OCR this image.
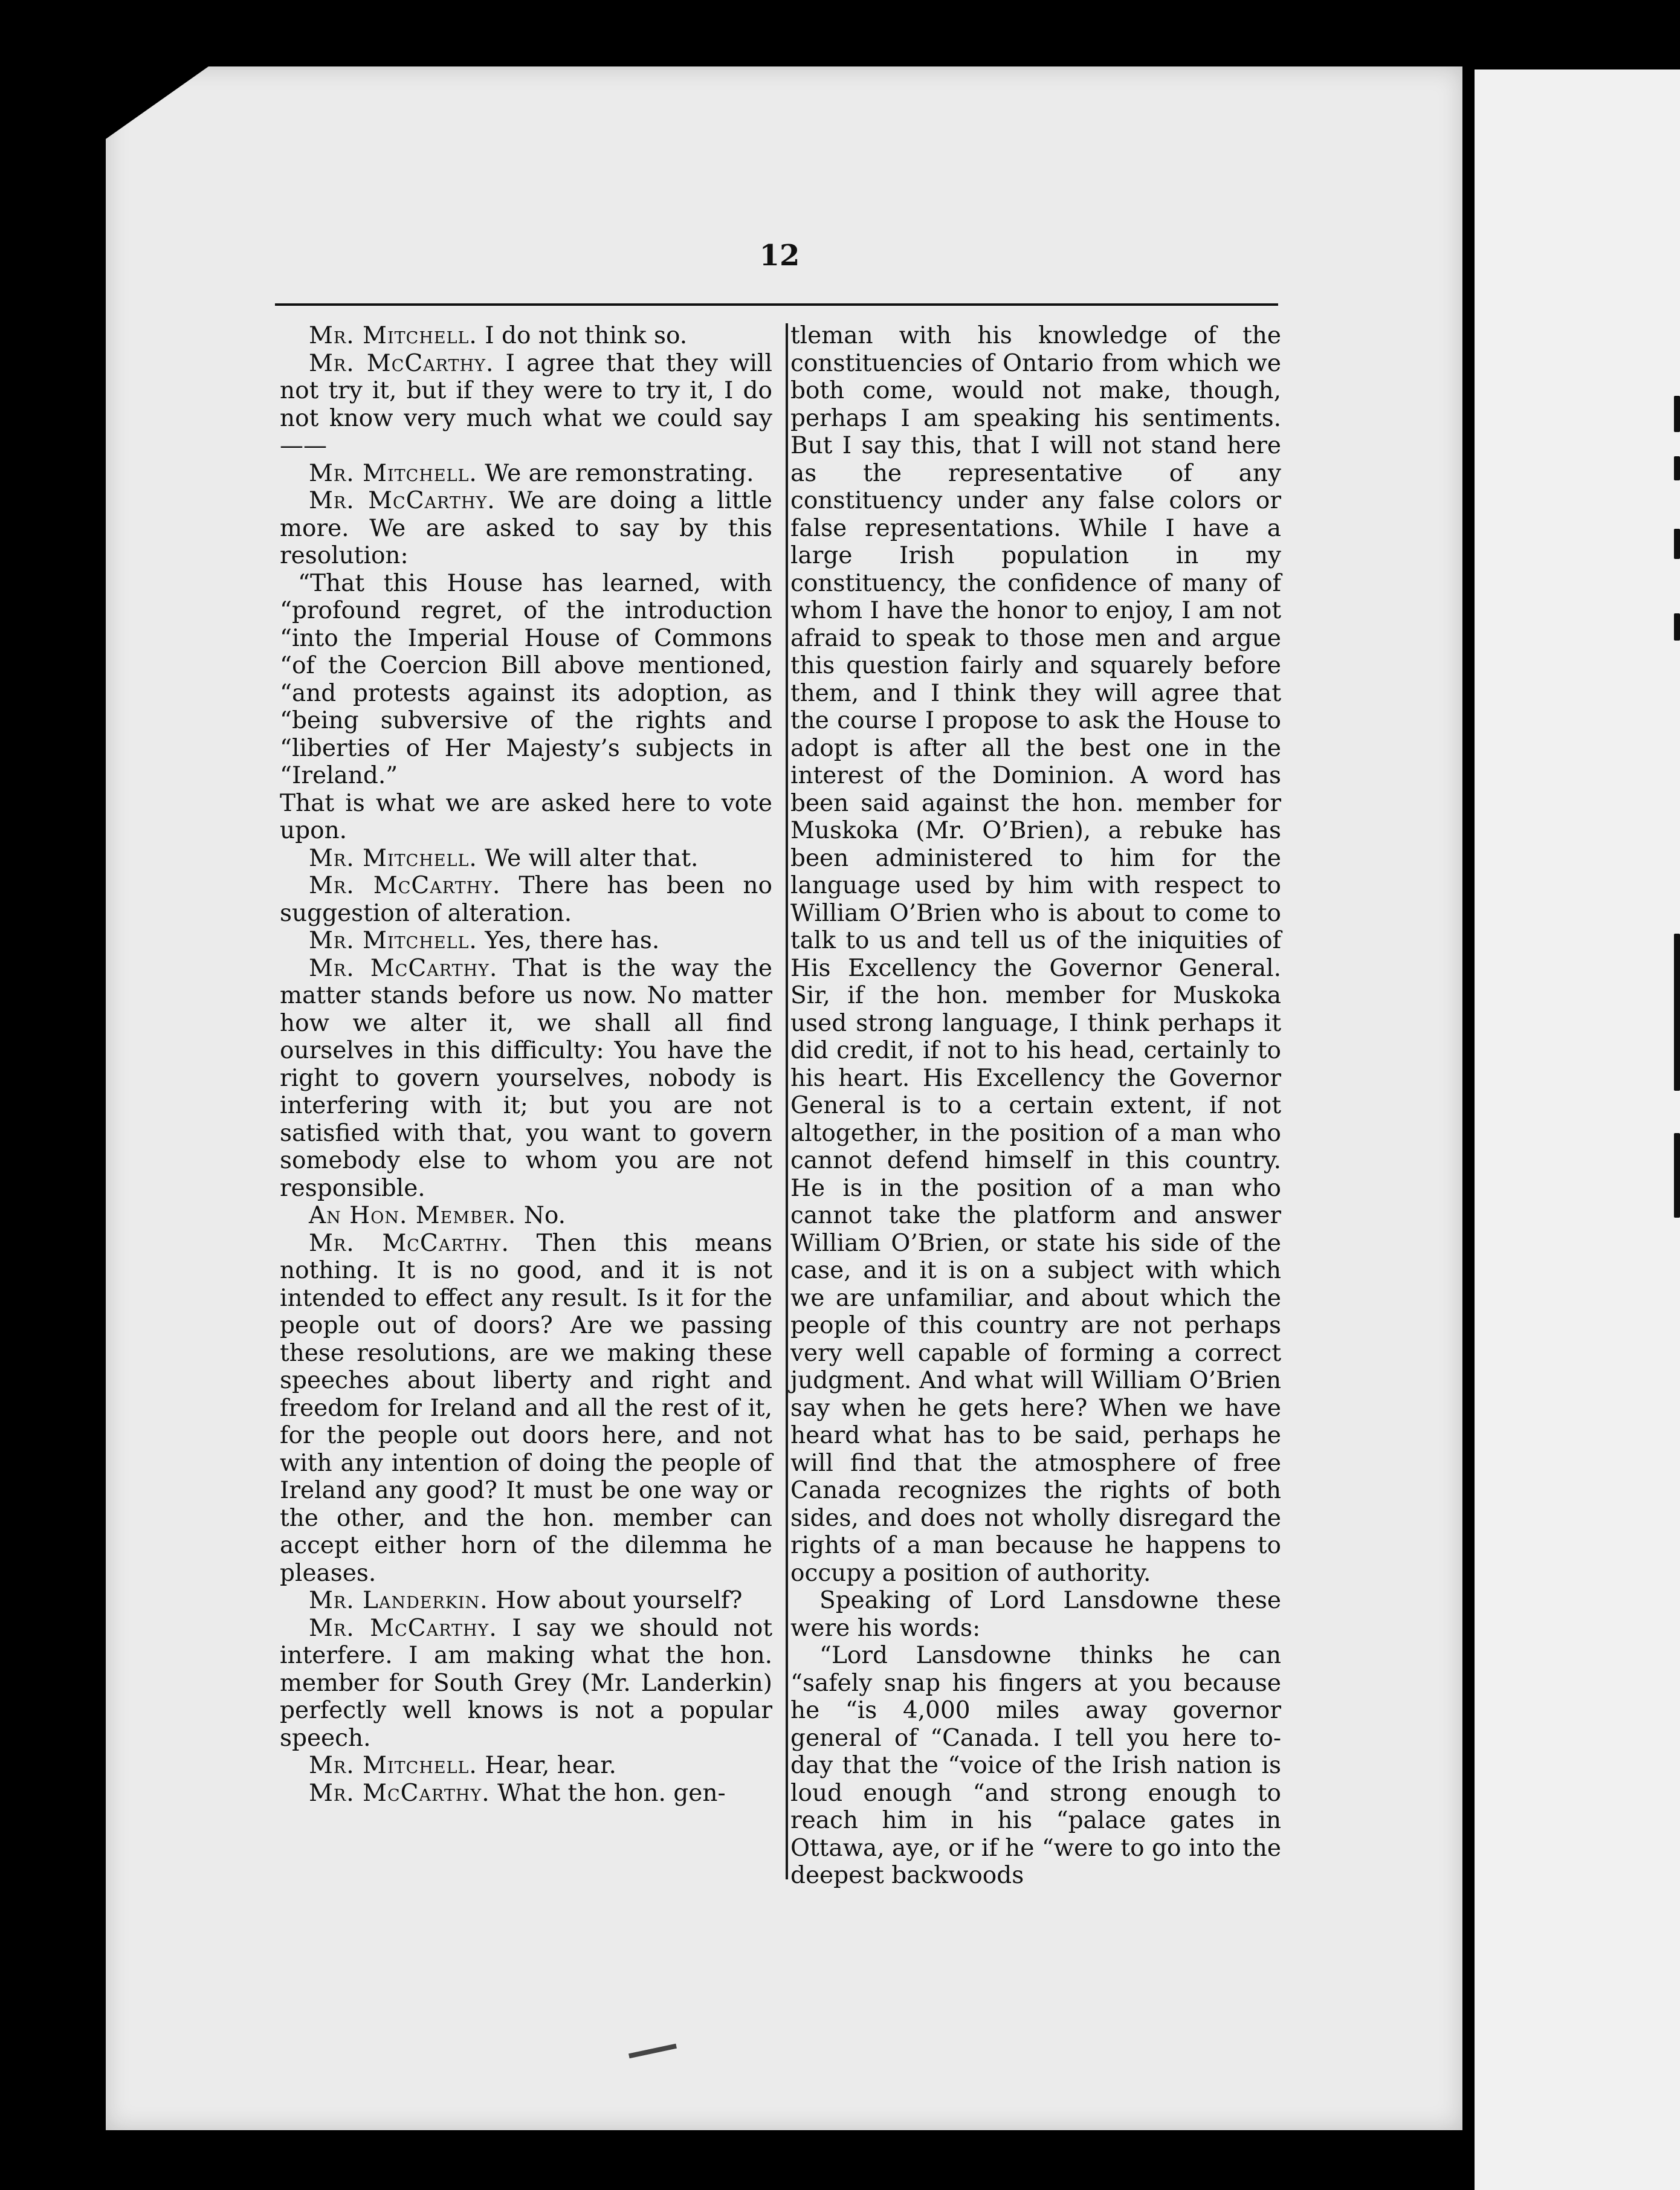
12

Mr. Mitchell. I do not think so.

Mr. McCarthy. I agree that they will not try it, but if they were to try it, I do not know very much what we could say——

Mr. Mitchell. We are remonstrating.

Mr. McCarthy. We are doing a little more. We are asked to say by this resolution:

“That this House has learned, with “profound regret, of the introduction “into the Imperial House of Commons “of the Coercion Bill above mentioned, “and protests against its adoption, as “being subversive of the rights and “liberties of Her Majesty’s subjects in “Ireland.”

That is what we are asked here to vote upon.

Mr. Mitchell. We will alter that.

Mr. McCarthy. There has been no suggestion of alteration.

Mr. Mitchell. Yes, there has.

Mr. McCarthy. That is the way the matter stands before us now. No matter how we alter it, we shall all find ourselves in this difficulty: You have the right to govern yourselves, nobody is interfering with it; but you are not satisfied with that, you want to govern somebody else to whom you are not responsible.

An Hon. Member. No.

Mr. McCarthy. Then this means nothing. It is no good, and it is not intended to effect any result. Is it for the people out of doors? Are we passing these resolutions, are we making these speeches about liberty and right and freedom for Ireland and all the rest of it, for the people out doors here, and not with any intention of doing the people of Ireland any good? It must be one way or the other, and the hon. member can accept either horn of the dilemma he pleases.

Mr. Landerkin. How about yourself?

Mr. McCarthy. I say we should not interfere. I am making what the hon. member for South Grey (Mr. Landerkin) perfectly well knows is not a popular speech.

Mr. Mitchell. Hear, hear.

Mr. McCarthy. What the hon. gen-

tleman with his knowledge of the constituencies of Ontario from which we both come, would not make, though, perhaps I am speaking his sentiments. But I say this, that I will not stand here as the representative of any constituency under any false colors or false representations. While I have a large Irish population in my constituency, the confidence of many of whom I have the honor to enjoy, I am not afraid to speak to those men and argue this question fairly and squarely before them, and I think they will agree that the course I propose to ask the House to adopt is after all the best one in the interest of the Dominion. A word has been said against the hon. member for Muskoka (Mr. O’Brien), a rebuke has been administered to him for the language used by him with respect to William O’Brien who is about to come to talk to us and tell us of the iniquities of His Excellency the Governor General. Sir, if the hon. member for Muskoka used strong language, I think perhaps it did credit, if not to his head, certainly to his heart. His Excellency the Governor General is to a certain extent, if not altogether, in the position of a man who cannot defend himself in this country. He is in the position of a man who cannot take the platform and answer William O’Brien, or state his side of the case, and it is on a subject with which we are unfamiliar, and about which the people of this country are not perhaps very well capable of forming a correct judgment. And what will William O’Brien say when he gets here? When we have heard what has to be said, perhaps he will find that the atmosphere of free Canada recognizes the rights of both sides, and does not wholly disregard the rights of a man because he happens to occupy a position of authority.

Speaking of Lord Lansdowne these were his words:

“Lord Lansdowne thinks he can “safely snap his fingers at you because he “is 4,000 miles away governor general of “Canada. I tell you here to-day that the “voice of the Irish nation is loud enough “and strong enough to reach him in his “palace gates in Ottawa, aye, or if he “were to go into the deepest backwoods
